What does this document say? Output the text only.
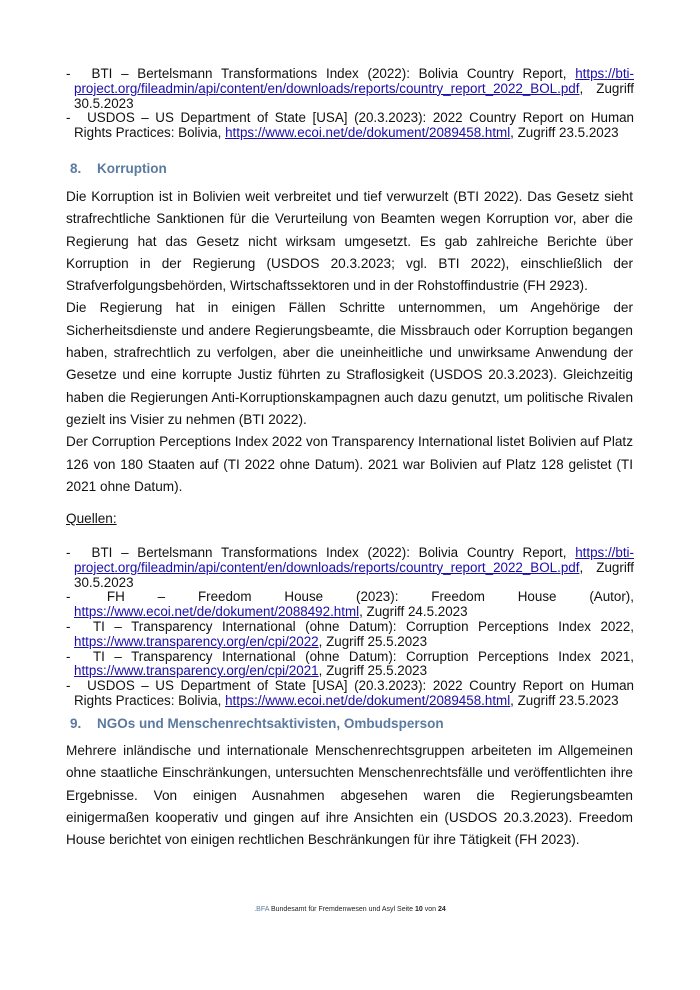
- BTI – Bertelsmann Transformations Index (2022): Bolivia Country Report, https://bti-project.org/fileadmin/api/content/en/downloads/reports/country_report_2022_BOL.pdf, Zugriff 30.5.2023
- USDOS – US Department of State [USA] (20.3.2023): 2022 Country Report on Human Rights Practices: Bolivia, https://www.ecoi.net/de/dokument/2089458.html, Zugriff 23.5.2023
8. Korruption

Die Korruption ist in Bolivien weit verbreitet und tief verwurzelt (BTI 2022). Das Gesetz sieht strafrechtliche Sanktionen für die Verurteilung von Beamten wegen Korruption vor, aber die Regierung hat das Gesetz nicht wirksam umgesetzt. Es gab zahlreiche Berichte über Korruption in der Regierung (USDOS 20.3.2023; vgl. BTI 2022), einschließlich der Strafverfolgungsbehörden, Wirtschaftssektoren und in der Rohstoffindustrie (FH 2923).

Die Regierung hat in einigen Fällen Schritte unternommen, um Angehörige der Sicherheitsdienste und andere Regierungsbeamte, die Missbrauch oder Korruption begangen haben, strafrechtlich zu verfolgen, aber die uneinheitliche und unwirksame Anwendung der Gesetze und eine korrupte Justiz führten zu Straflosigkeit (USDOS 20.3.2023). Gleichzeitig haben die Regierungen Anti-Korruptionskampagnen auch dazu genutzt, um politische Rivalen gezielt ins Visier zu nehmen (BTI 2022).

Der Corruption Perceptions Index 2022 von Transparency International listet Bolivien auf Platz 126 von 180 Staaten auf (TI 2022 ohne Datum). 2021 war Bolivien auf Platz 128 gelistet (TI 2021 ohne Datum).

Quellen:
- BTI – Bertelsmann Transformations Index (2022): Bolivia Country Report, https://bti-project.org/fileadmin/api/content/en/downloads/reports/country_report_2022_BOL.pdf, Zugriff 30.5.2023
-	FH – Freedom House (2023): Freedom House (Autor), https://www.ecoi.net/de/dokument/2088492.html, Zugriff 24.5.2023
- TI – Transparency International (ohne Datum): Corruption Perceptions Index 2022, https://www.transparency.org/en/cpi/2022, Zugriff 25.5.2023
- TI – Transparency International (ohne Datum): Corruption Perceptions Index 2021, https://www.transparency.org/en/cpi/2021, Zugriff 25.5.2023
- USDOS – US Department of State [USA] (20.3.2023): 2022 Country Report on Human Rights Practices: Bolivia, https://www.ecoi.net/de/dokument/2089458.html, Zugriff 23.5.2023
9. NGOs und Menschenrechtsaktivisten, Ombudsperson

Mehrere inländische und internationale Menschenrechtsgruppen arbeiteten im Allgemeinen ohne staatliche Einschränkungen, untersuchten Menschenrechtsfälle und veröffentlichten ihre Ergebnisse. Von einigen Ausnahmen abgesehen waren die Regierungsbeamten einigermaßen kooperativ und gingen auf ihre Ansichten ein (USDOS 20.3.2023). Freedom House berichtet von einigen rechtlichen Beschränkungen für ihre Tätigkeit (FH 2023).

.BFA Bundesamt für Fremdenwesen und Asyl Seite 10 von 24
